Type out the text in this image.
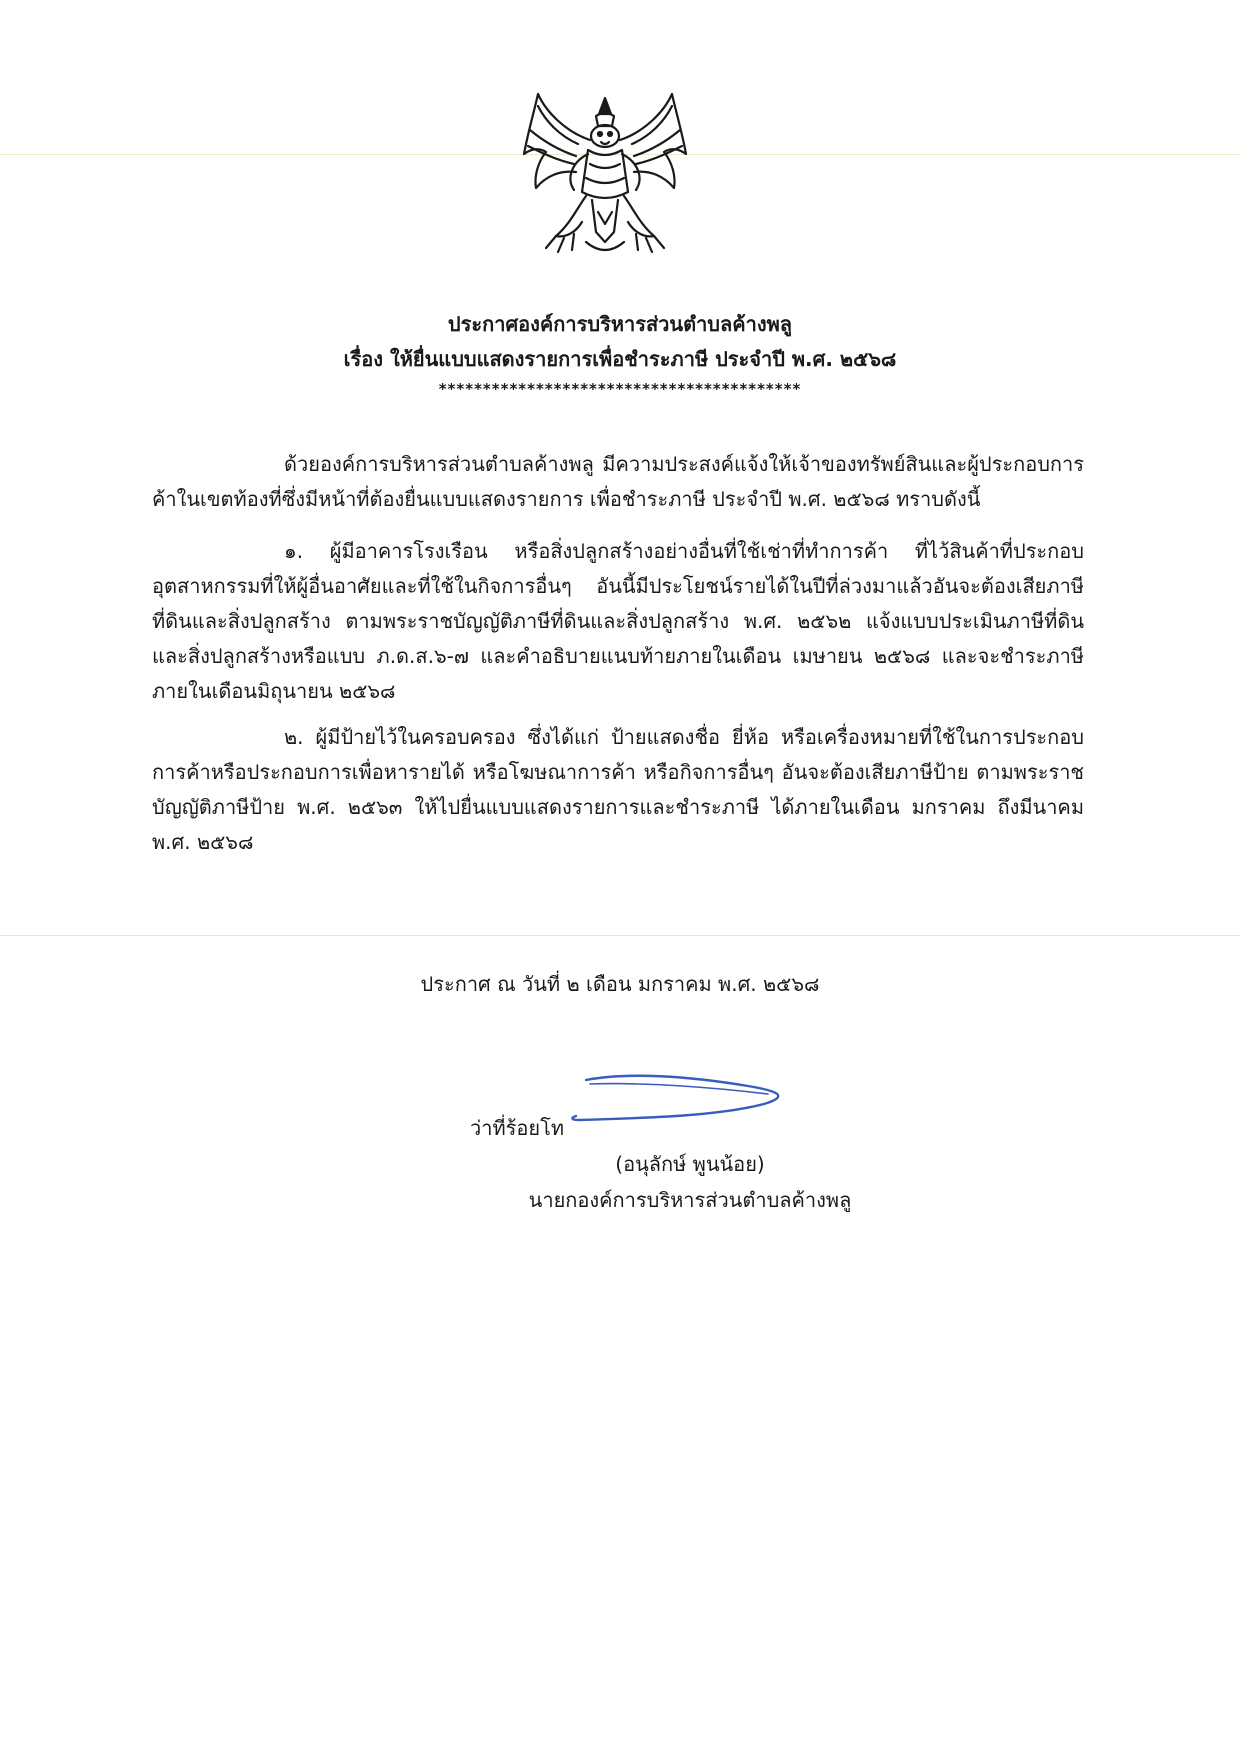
ประกาศองค์การบริหารส่วนตำบลค้างพลู
เรื่อง ให้ยื่นแบบแสดงรายการเพื่อชำระภาษี ประจำปี พ.ศ. ๒๕๖๘
*****************************************
ด้วยองค์การบริหารส่วนตำบลค้างพลู มีความประสงค์แจ้งให้เจ้าของทรัพย์สินและผู้ประกอบการค้าในเขตท้องที่ซึ่งมีหน้าที่ต้องยื่นแบบแสดงรายการ เพื่อชำระภาษี ประจำปี พ.ศ. ๒๕๖๘ ทราบดังนี้
๑. ผู้มีอาคารโรงเรือน หรือสิ่งปลูกสร้างอย่างอื่นที่ใช้เช่าที่ทำการค้า ที่ไว้สินค้าที่ประกอบอุตสาหกรรมที่ให้ผู้อื่นอาศัยและที่ใช้ในกิจการอื่นๆ อันนี้มีประโยชน์รายได้ในปีที่ล่วงมาแล้วอันจะต้องเสียภาษีที่ดินและสิ่งปลูกสร้าง ตามพระราชบัญญัติภาษีที่ดินและสิ่งปลูกสร้าง พ.ศ. ๒๕๖๒ แจ้งแบบประเมินภาษีที่ดินและสิ่งปลูกสร้างหรือแบบ ภ.ด.ส.๖-๗ และคำอธิบายแนบท้ายภายในเดือน เมษายน ๒๕๖๘ และจะชำระภาษีภายในเดือนมิถุนายน ๒๕๖๘
๒. ผู้มีป้ายไว้ในครอบครอง ซึ่งได้แก่ ป้ายแสดงชื่อ ยี่ห้อ หรือเครื่องหมายที่ใช้ในการประกอบการค้าหรือประกอบการเพื่อหารายได้ หรือโฆษณาการค้า หรือกิจการอื่นๆ อันจะต้องเสียภาษีป้าย ตามพระราชบัญญัติภาษีป้าย พ.ศ. ๒๕๖๓ ให้ไปยื่นแบบแสดงรายการและชำระภาษี ได้ภายในเดือน มกราคม ถึงมีนาคม พ.ศ. ๒๕๖๘
ประกาศ ณ วันที่ ๒ เดือน มกราคม พ.ศ. ๒๕๖๘
ว่าที่ร้อยโท
(อนุลักษ์ พูนน้อย)
นายกองค์การบริหารส่วนตำบลค้างพลู
